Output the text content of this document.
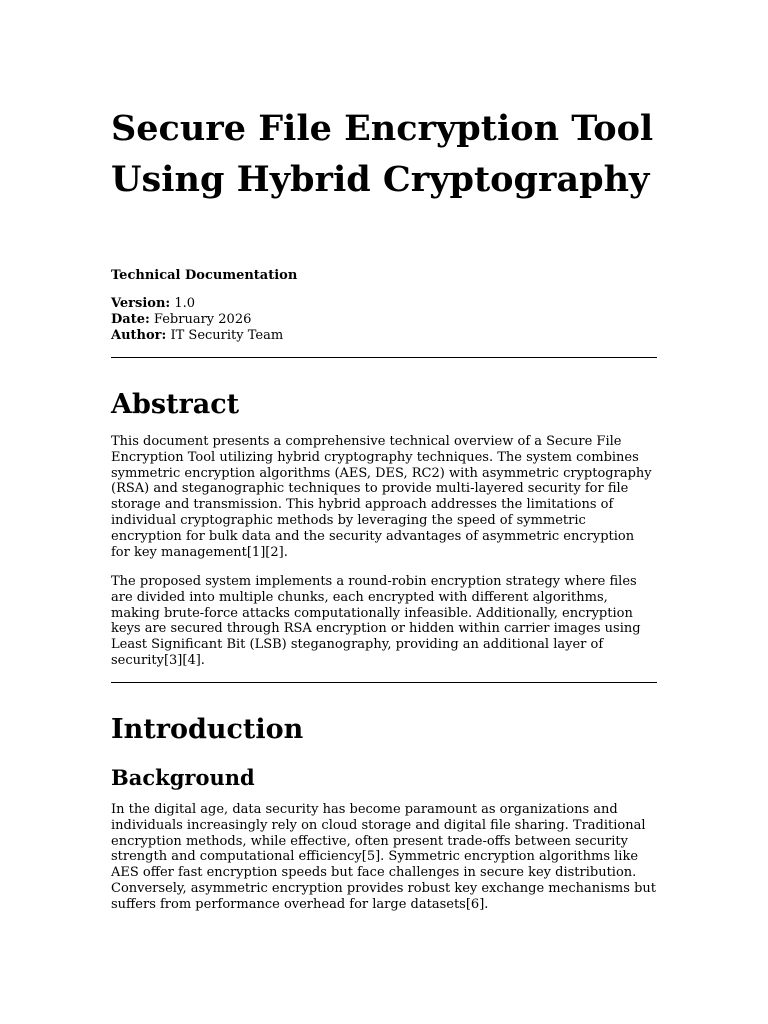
Secure File Encryption Tool Using Hybrid Cryptography
Technical Documentation
Version: 1.0
Date: February 2026
Author: IT Security Team
Abstract

This document presents a comprehensive technical overview of a Secure File Encryption Tool utilizing hybrid cryptography techniques. The system combines symmetric encryption algorithms (AES, DES, RC2) with asymmetric cryptography (RSA) and steganographic techniques to provide multi-layered security for file storage and transmission. This hybrid approach addresses the limitations of individual cryptographic methods by leveraging the speed of symmetric encryption for bulk data and the security advantages of asymmetric encryption for key management[1][2].

The proposed system implements a round-robin encryption strategy where files are divided into multiple chunks, each encrypted with different algorithms, making brute-force attacks computationally infeasible. Additionally, encryption keys are secured through RSA encryption or hidden within carrier images using Least Significant Bit (LSB) steganography, providing an additional layer of security[3][4].

Introduction
Background

In the digital age, data security has become paramount as organizations and individuals increasingly rely on cloud storage and digital file sharing. Traditional encryption methods, while effective, often present trade-offs between security strength and computational efficiency[5]. Symmetric encryption algorithms like AES offer fast encryption speeds but face challenges in secure key distribution. Conversely, asymmetric encryption provides robust key exchange mechanisms but suffers from performance overhead for large datasets[6].
